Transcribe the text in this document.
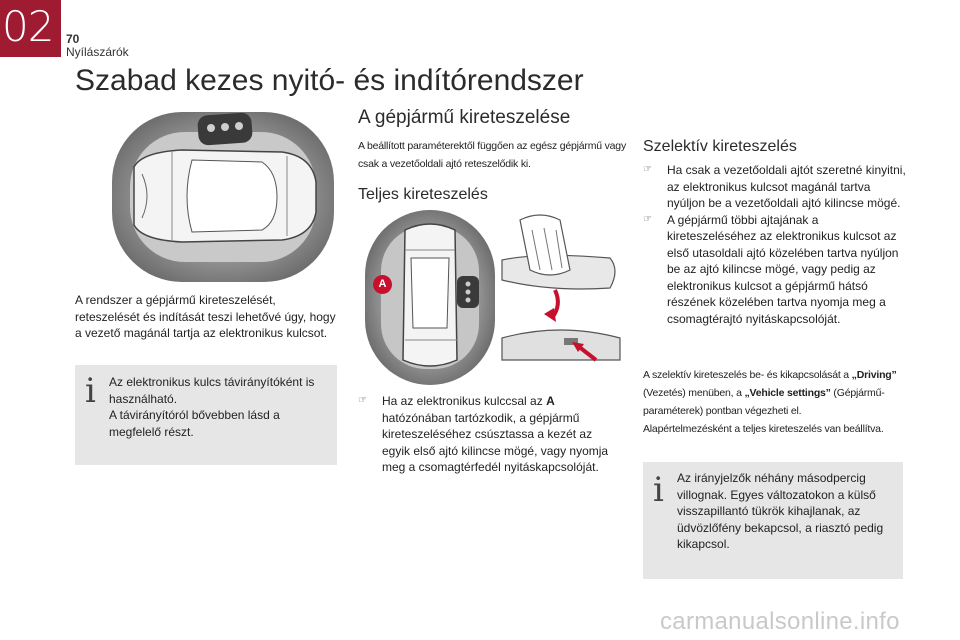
02	70
Nyílászárók
Szabad kezes nyitó- és indítórendszer
A rendszer a gépjármű kireteszelését, reteszelését és indítását teszi lehetővé úgy, hogy a vezető magánál tartja az elektronikus kulcsot.
i Az elektronikus kulcs távirányítóként is használható.
A távirányítóról bővebben lásd a megfelelő részt.
A gépjármű kireteszelése
A beállított paraméterektől függően az egész gépjármű vagy csak a vezetőoldali ajtó reteszelődik ki.
Teljes kireteszelés
A
☞ Ha az elektronikus kulccsal az A hatózónában tartózkodik, a gépjármű kireteszeléséhez csúsztassa a kezét az egyik első ajtó kilincse mögé, vagy nyomja meg a csomagtérfedél nyitáskapcsolóját.
Szelektív kireteszelés
☞ Ha csak a vezetőoldali ajtót szeretné kinyitni, az elektronikus kulcsot magánál tartva nyúljon be a vezetőoldali ajtó kilincse mögé.
☞ A gépjármű többi ajtajának a kireteszeléséhez az elektronikus kulcsot az első utasoldali ajtó közelében tartva nyúljon be az ajtó kilincse mögé, vagy pedig az elektronikus kulcsot a gépjármű hátsó részének közelében tartva nyomja meg a csomagtérajtó nyitáskapcsolóját.
A szelektív kireteszelés be- és kikapcsolását a „Driving” (Vezetés) menüben, a „Vehicle settings” (Gépjármű-paraméterek) pontban végezheti el.
Alapértelmezésként a teljes kireteszelés van beállítva.
i Az irányjelzők néhány másodpercig villognak. Egyes változatokon a külső visszapillantó tükrök kihajlanak, az üdvözlőfény bekapcsol, a riasztó pedig kikapcsol.
carmanualsonline.info
